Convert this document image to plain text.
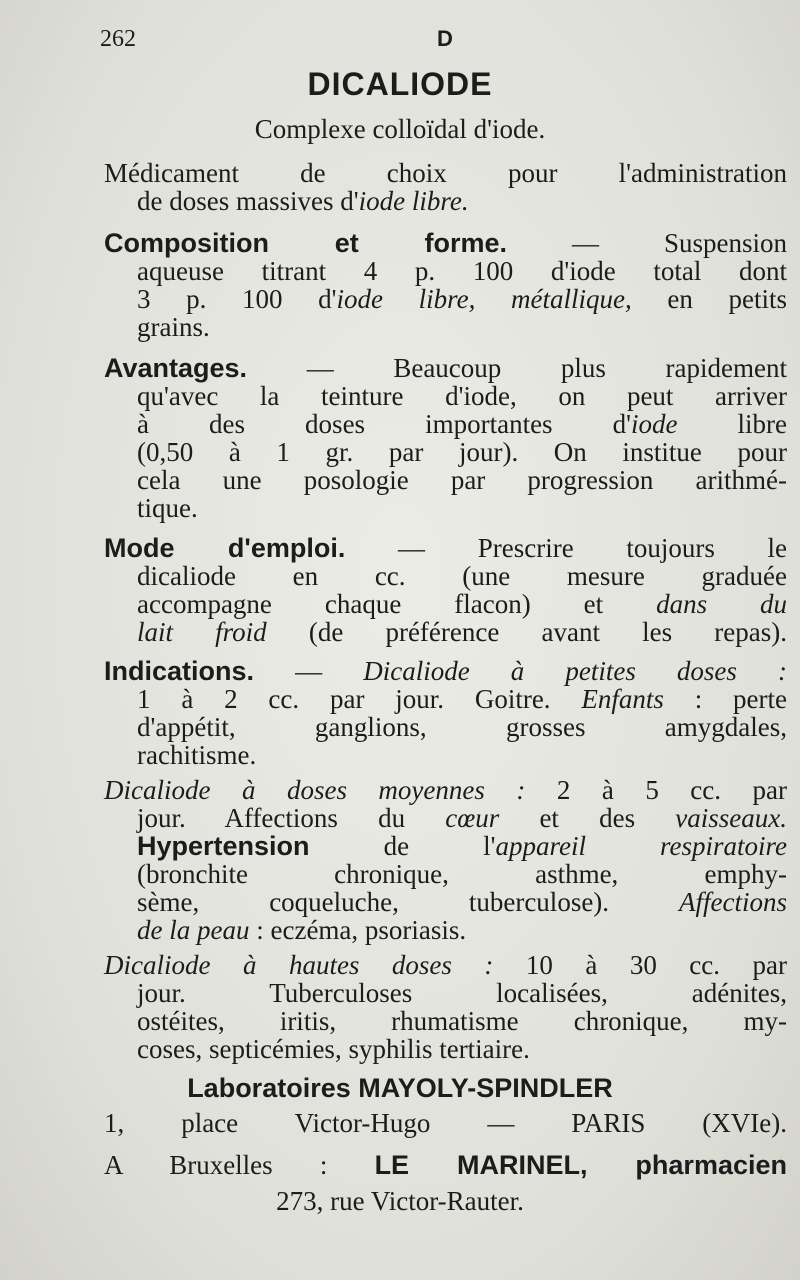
262	D
DICALIODE
Complexe colloïdal d'iode.
Médicament de choix pour l'administration
de doses massives d'iode libre.
Composition et forme. — Suspension
aqueuse titrant 4 p. 100 d'iode total dont
3 p. 100 d'iode libre, métallique, en petits
grains.
Avantages. — Beaucoup plus rapidement
qu'avec la teinture d'iode, on peut arriver
à des doses importantes d'iode libre
(0,50 à 1 gr. par jour). On institue pour
cela une posologie par progression arithmé-
tique.
Mode d'emploi. — Prescrire toujours le
dicaliode en cc. (une mesure graduée
accompagne chaque flacon) et dans du
lait froid (de préférence avant les repas).
Indications. — Dicaliode à petites doses :
1 à 2 cc. par jour. Goitre. Enfants : perte
d'appétit, ganglions, grosses amygdales,
rachitisme.
Dicaliode à doses moyennes : 2 à 5 cc. par
jour. Affections du cœur et des vaisseaux.
Hypertension de l'appareil respiratoire
(bronchite chronique, asthme, emphy-
sème, coqueluche, tuberculose). Affections
de la peau : eczéma, psoriasis.
Dicaliode à hautes doses : 10 à 30 cc. par
jour. Tuberculoses localisées, adénites,
ostéites, iritis, rhumatisme chronique, my-
coses, septicémies, syphilis tertiaire.
Laboratoires MAYOLY-SPINDLER
1, place Victor-Hugo — PARIS (XVIe).
A Bruxelles : LE MARINEL, pharmacien
273, rue Victor-Rauter.
